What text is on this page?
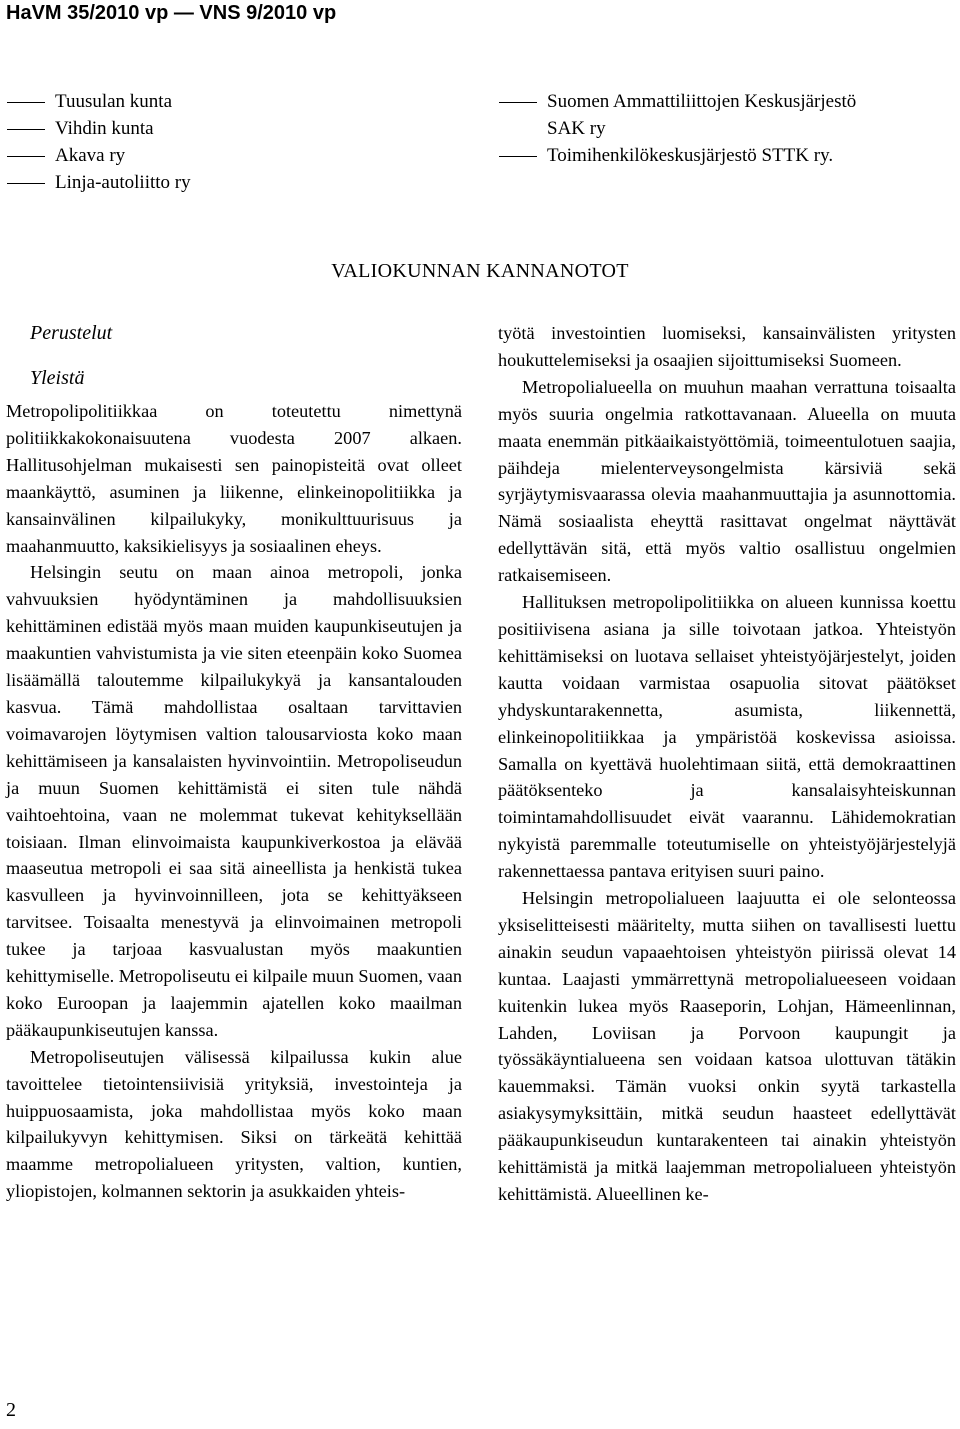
HaVM 35/2010 vp — VNS 9/2010 vp
Tuusulan kunta
Vihdin kunta
Akava ry
Linja-autoliitto ry
Suomen Ammattiliittojen Keskusjärjestö
SAK ry
Toimihenkilökeskusjärjestö STTK ry.
VALIOKUNNAN KANNANOTOT

Perustelut

Yleistä

Metropolipolitiikkaa on toteutettu nimettynä politiikkakokonaisuutena vuodesta 2007 alkaen. Hallitusohjelman mukaisesti sen painopisteitä ovat olleet maankäyttö, asuminen ja liikenne, elinkeinopolitiikka ja kansainvälinen kilpailukyky, monikulttuurisuus ja maahanmuutto, kaksikielisyys ja sosiaalinen eheys.

Helsingin seutu on maan ainoa metropoli, jonka vahvuuksien hyödyntäminen ja mahdollisuuksien kehittäminen edistää myös maan muiden kaupunkiseutujen ja maakuntien vahvistumista ja vie siten eteenpäin koko Suomea lisäämällä taloutemme kilpailukykyä ja kansantalouden kasvua. Tämä mahdollistaa osaltaan tarvittavien voimavarojen löytymisen valtion talousarviosta koko maan kehittämiseen ja kansalaisten hyvinvointiin. Metropoliseudun ja muun Suomen kehittämistä ei siten tule nähdä vaihtoehtoina, vaan ne molemmat tukevat kehityksellään toisiaan. Ilman elinvoimaista kaupunkiverkostoa ja elävää maaseutua metropoli ei saa sitä aineellista ja henkistä tukea kasvulleen ja hyvinvoinnilleen, jota se kehittyäkseen tarvitsee. Toisaalta menestyvä ja elinvoimainen metropoli tukee ja tarjoaa kasvualustan myös maakuntien kehittymiselle. Metropoliseutu ei kilpaile muun Suomen, vaan koko Euroopan ja laajemmin ajatellen koko maailman pääkaupunkiseutujen kanssa.

Metropoliseutujen välisessä kilpailussa kukin alue tavoittelee tietointensiivisiä yrityksiä, investointeja ja huippuosaamista, joka mahdollistaa myös koko maan kilpailukyvyn kehittymisen. Siksi on tärkeätä kehittää maamme metropolialueen yritysten, valtion, kuntien, yliopistojen, kolmannen sektorin ja asukkaiden yhteis-

työtä investointien luomiseksi, kansainvälisten yritysten houkuttelemiseksi ja osaajien sijoittumiseksi Suomeen.

Metropolialueella on muuhun maahan verrattuna toisaalta myös suuria ongelmia ratkottavanaan. Alueella on muuta maata enemmän pitkäaikaistyöttömiä, toimeentulotuen saajia, päihdeja mielenterveysongelmista kärsiviä sekä syrjäytymisvaarassa olevia maahanmuuttajia ja asunnottomia. Nämä sosiaalista eheyttä rasittavat ongelmat näyttävät edellyttävän sitä, että myös valtio osallistuu ongelmien ratkaisemiseen.

Hallituksen metropolipolitiikka on alueen kunnissa koettu positiivisena asiana ja sille toivotaan jatkoa. Yhteistyön kehittämiseksi on luotava sellaiset yhteistyöjärjestelyt, joiden kautta voidaan varmistaa osapuolia sitovat päätökset yhdyskuntarakennetta, asumista, liikennettä, elinkeinopolitiikkaa ja ympäristöä koskevissa asioissa. Samalla on kyettävä huolehtimaan siitä, että demokraattinen päätöksenteko ja kansalaisyhteiskunnan toimintamahdollisuudet eivät vaarannu. Lähidemokratian nykyistä paremmalle toteutumiselle on yhteistyöjärjestelyjä rakennettaessa pantava erityisen suuri paino.

Helsingin metropolialueen laajuutta ei ole selonteossa yksiselitteisesti määritelty, mutta siihen on tavallisesti luettu ainakin seudun vapaaehtoisen yhteistyön piirissä olevat 14 kuntaa. Laajasti ymmärrettynä metropolialueeseen voidaan kuitenkin lukea myös Raaseporin, Lohjan, Hämeenlinnan, Lahden, Loviisan ja Porvoon kaupungit ja työssäkäyntialueena sen voidaan katsoa ulottuvan tätäkin kauemmaksi. Tämän vuoksi onkin syytä tarkastella asiakysymyksittäin, mitkä seudun haasteet edellyttävät pääkaupunkiseudun kuntarakenteen tai ainakin yhteistyön kehittämistä ja mitkä laajemman metropolialueen yhteistyön kehittämistä. Alueellinen ke-

2
